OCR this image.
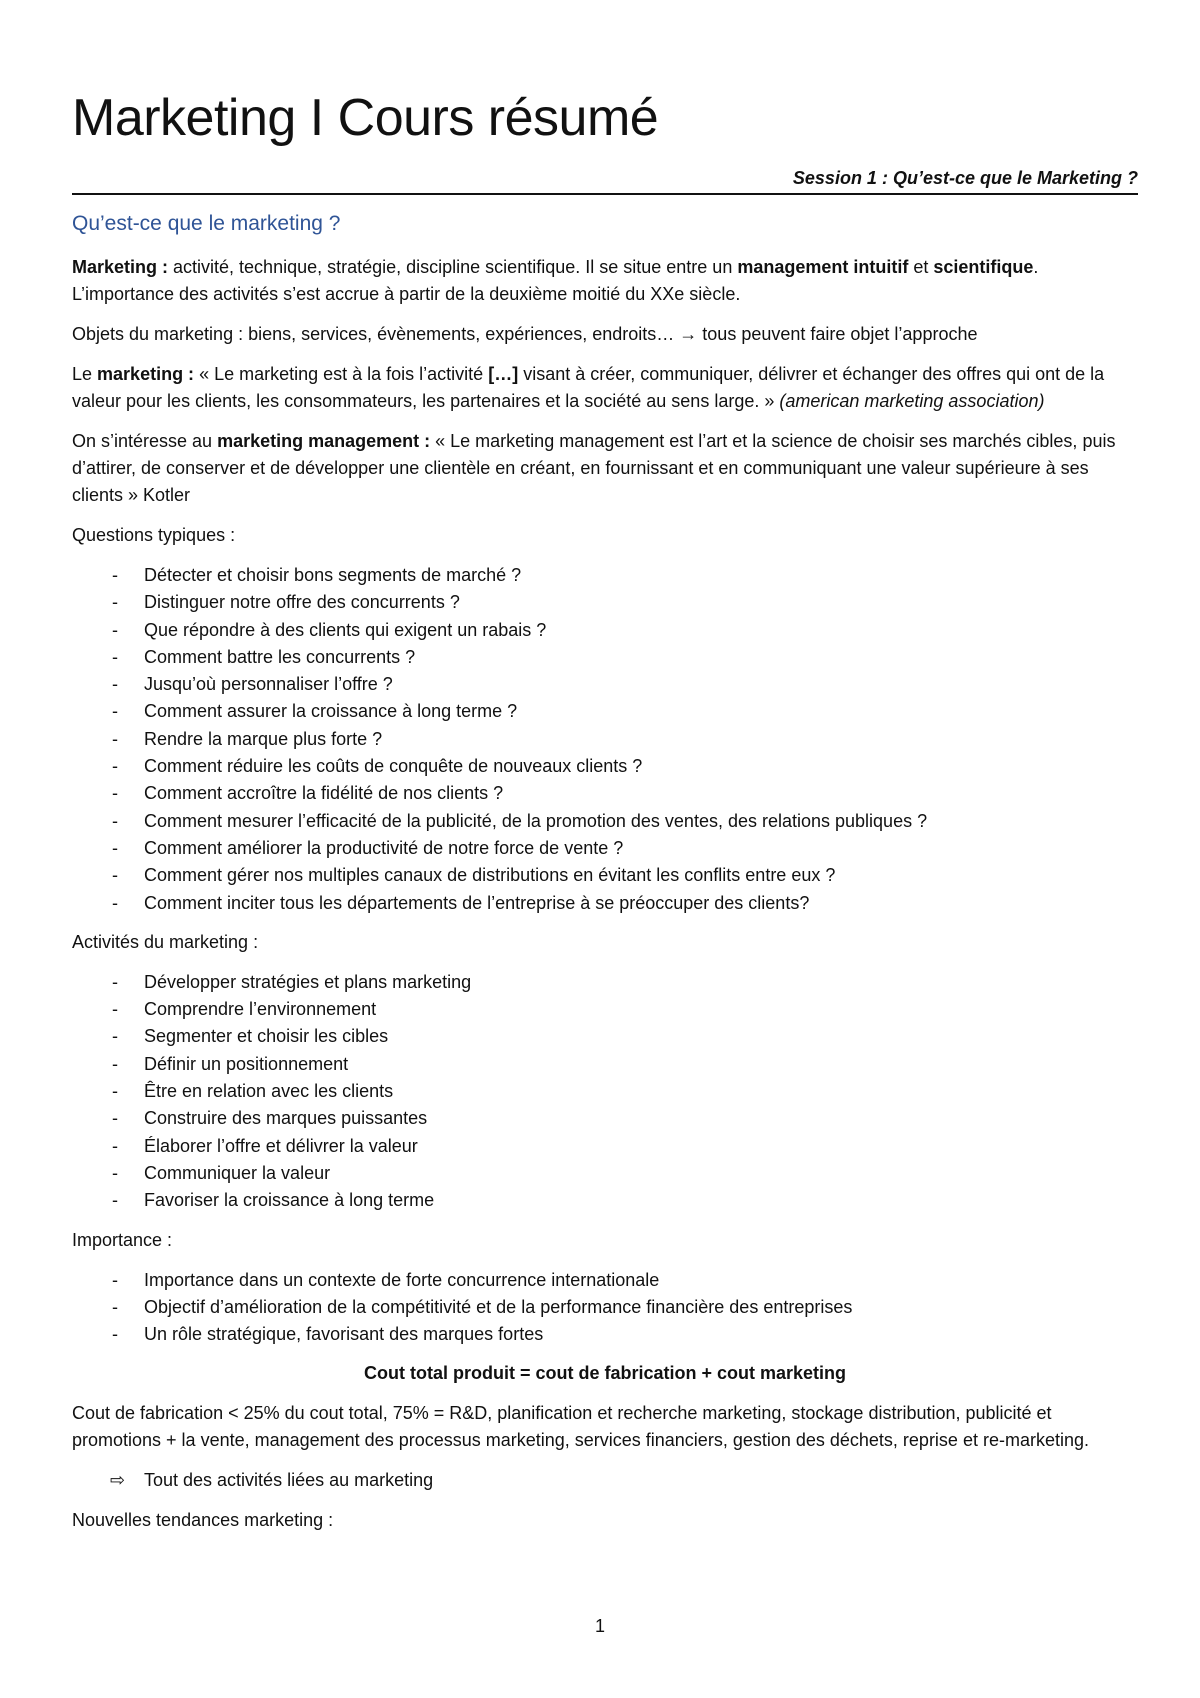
Marketing I Cours résumé
Session 1 : Qu’est-ce que le Marketing ?
Qu’est-ce que le marketing ?

Marketing : activité, technique, stratégie, discipline scientifique. Il se situe entre un management intuitif et scientifique. L’importance des activités s’est accrue à partir de la deuxième moitié du XXe siècle.

Objets du marketing : biens, services, évènements, expériences, endroits… → tous peuvent faire objet l’approche

Le marketing : « Le marketing est à la fois l’activité […] visant à créer, communiquer, délivrer et échanger des offres qui ont de la valeur pour les clients, les consommateurs, les partenaires et la société au sens large. » (american marketing association)

On s’intéresse au marketing management : « Le marketing management est l’art et la science de choisir ses marchés cibles, puis d’attirer, de conserver et de développer une clientèle en créant, en fournissant et en communiquant une valeur supérieure à ses clients » Kotler

Questions typiques :

- Détecter et choisir bons segments de marché ?
- Distinguer notre offre des concurrents ?
- Que répondre à des clients qui exigent un rabais ?
- Comment battre les concurrents ?
- Jusqu’où personnaliser l’offre ?
- Comment assurer la croissance à long terme ?
- Rendre la marque plus forte ?
- Comment réduire les coûts de conquête de nouveaux clients ?
- Comment accroître la fidélité de nos clients ?
- Comment mesurer l’efficacité de la publicité, de la promotion des ventes, des relations publiques ?
- Comment améliorer la productivité de notre force de vente ?
- Comment gérer nos multiples canaux de distributions en évitant les conflits entre eux ?
- Comment inciter tous les départements de l’entreprise à se préoccuper des clients?

Activités du marketing :

- Développer stratégies et plans marketing
- Comprendre l’environnement
- Segmenter et choisir les cibles
- Définir un positionnement
- Être en relation avec les clients
- Construire des marques puissantes
- Élaborer l’offre et délivrer la valeur
- Communiquer la valeur
- Favoriser la croissance à long terme

Importance :

- Importance dans un contexte de forte concurrence internationale
- Objectif d’amélioration de la compétitivité et de la performance financière des entreprises
- Un rôle stratégique, favorisant des marques fortes

Cout total produit = cout de fabrication + cout marketing

Cout de fabrication < 25% du cout total, 75% = R&D, planification et recherche marketing, stockage distribution, publicité et promotions + la vente, management des processus marketing, services financiers, gestion des déchets, reprise et re-marketing.

⇨ Tout des activités liées au marketing

Nouvelles tendances marketing :

1
